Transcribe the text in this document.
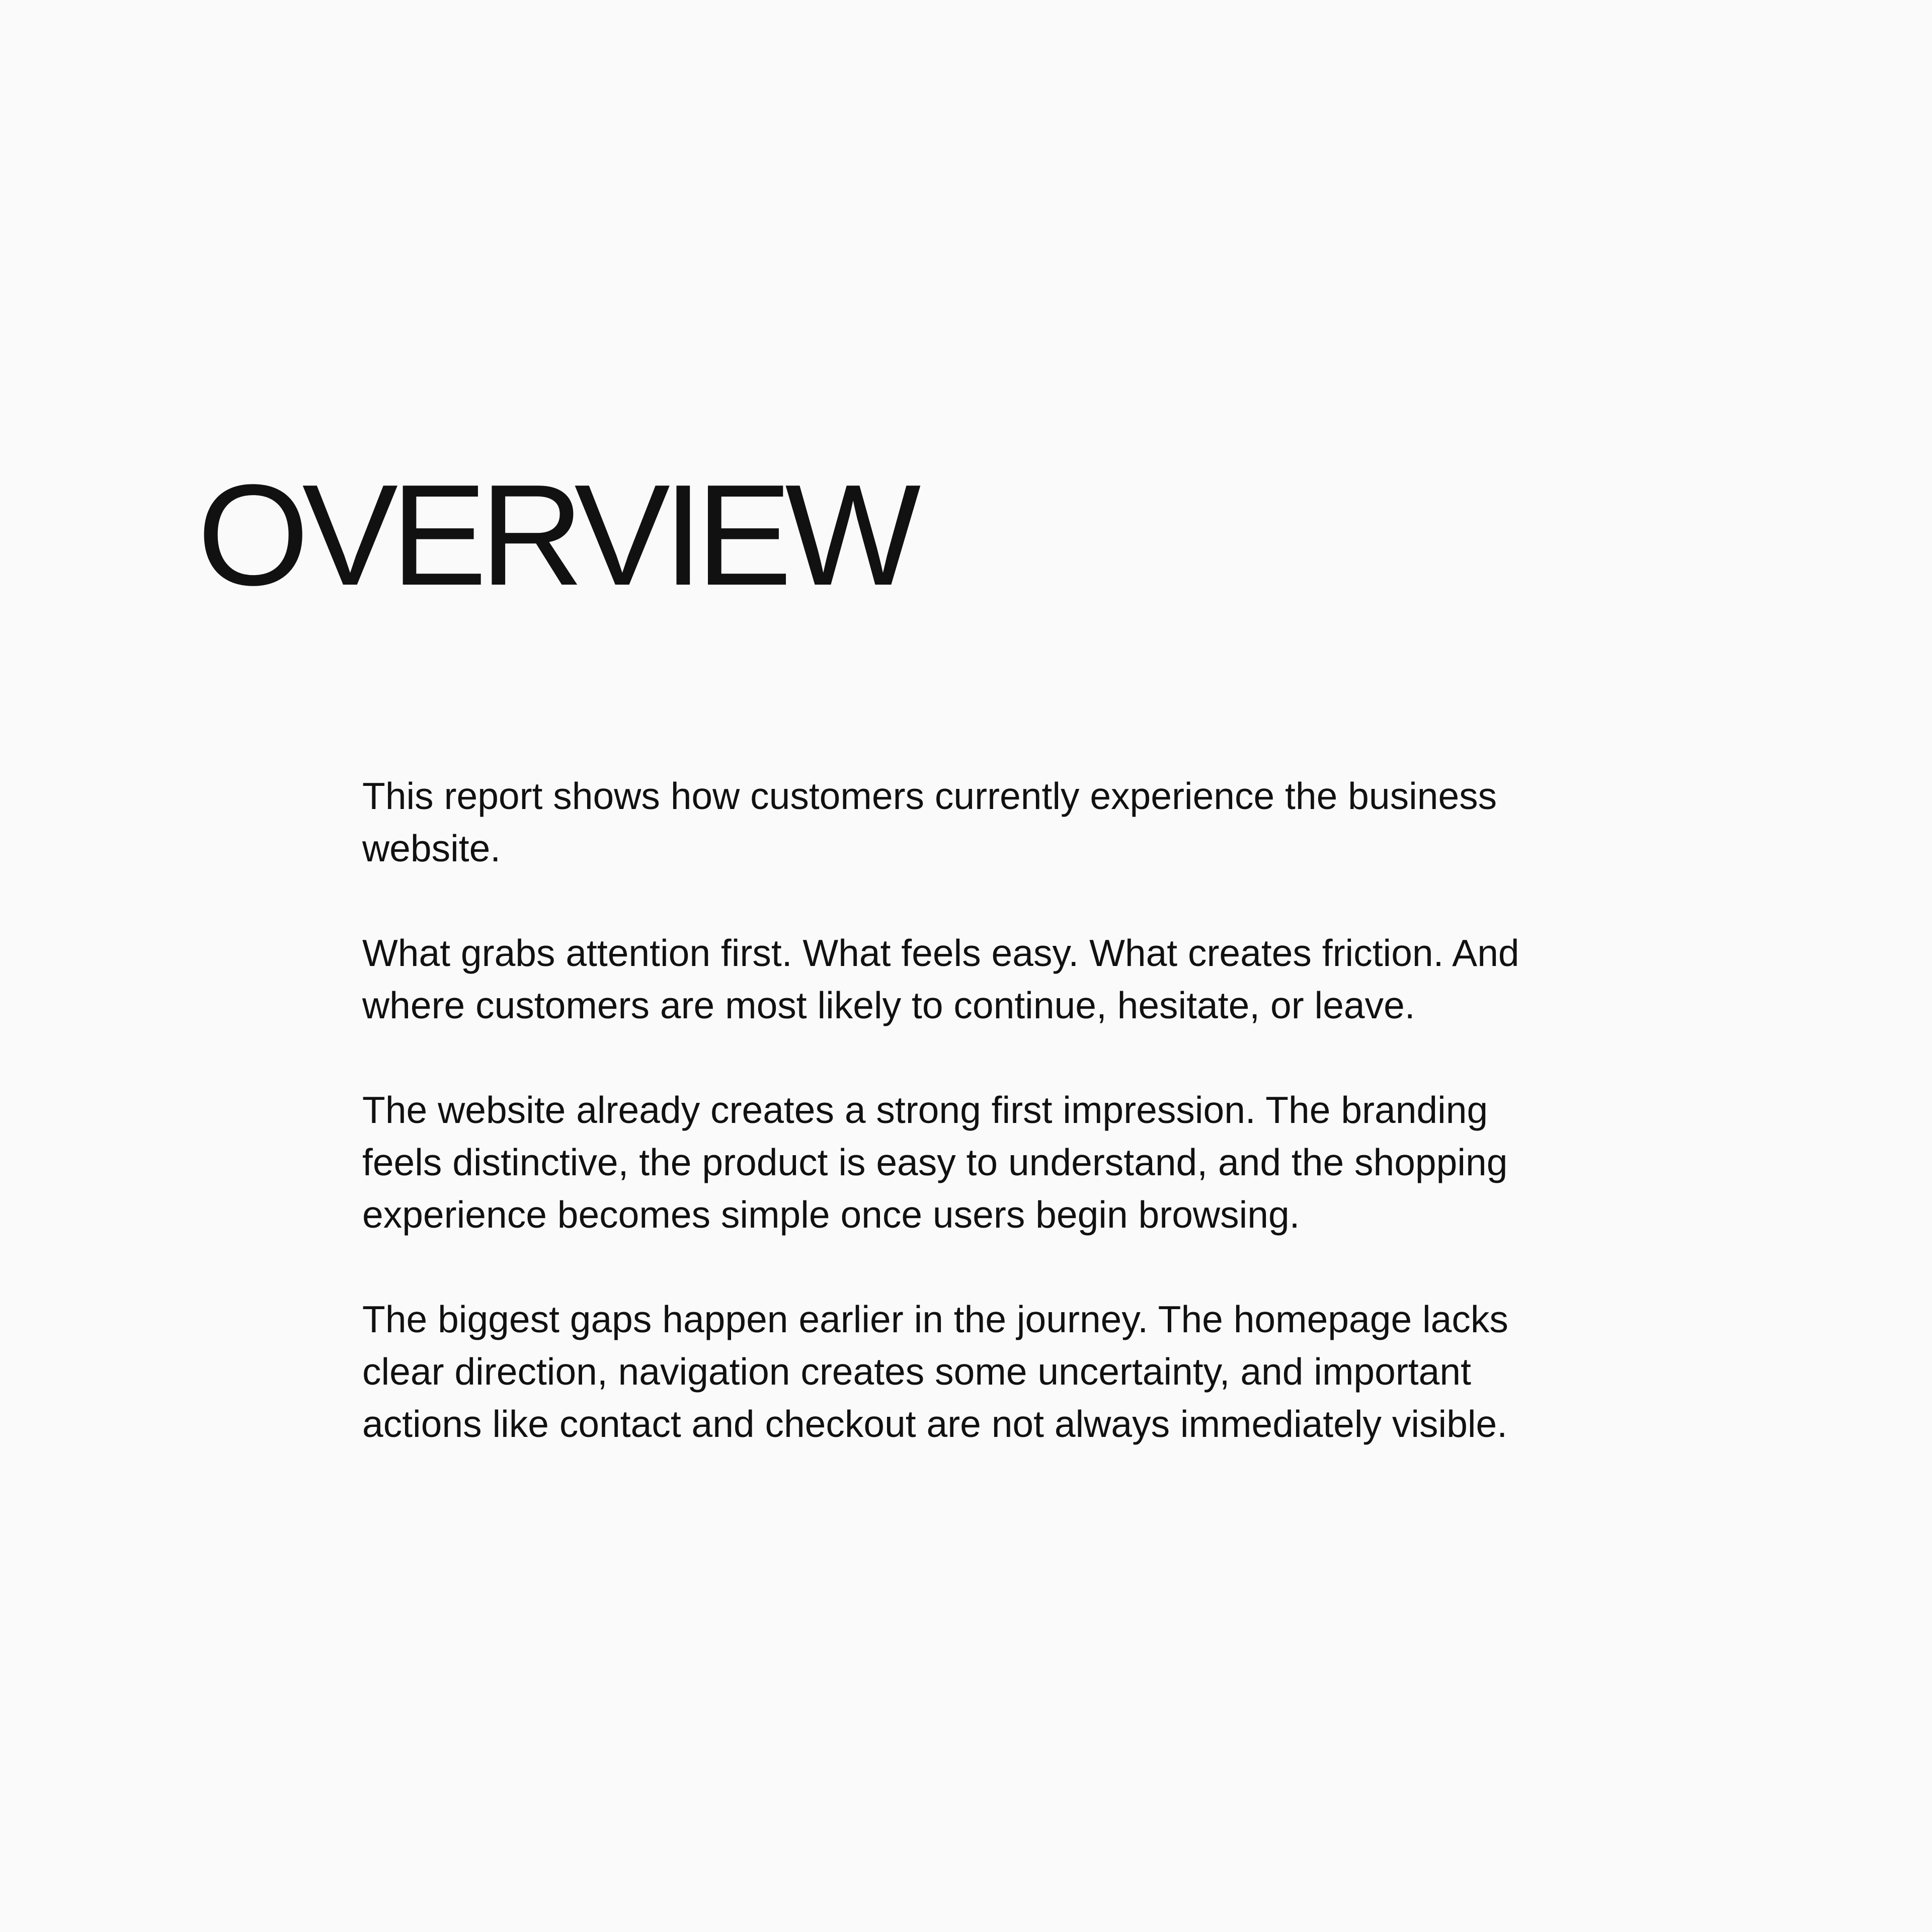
OVERVIEW

This report shows how customers currently experience the business website.

What grabs attention first. What feels easy. What creates friction. And where customers are most likely to continue, hesitate, or leave.

The website already creates a strong first impression. The branding feels distinctive, the product is easy to understand, and the shopping experience becomes simple once users begin browsing.

The biggest gaps happen earlier in the journey. The homepage lacks clear direction, navigation creates some uncertainty, and important actions like contact and checkout are not always immediately visible.
